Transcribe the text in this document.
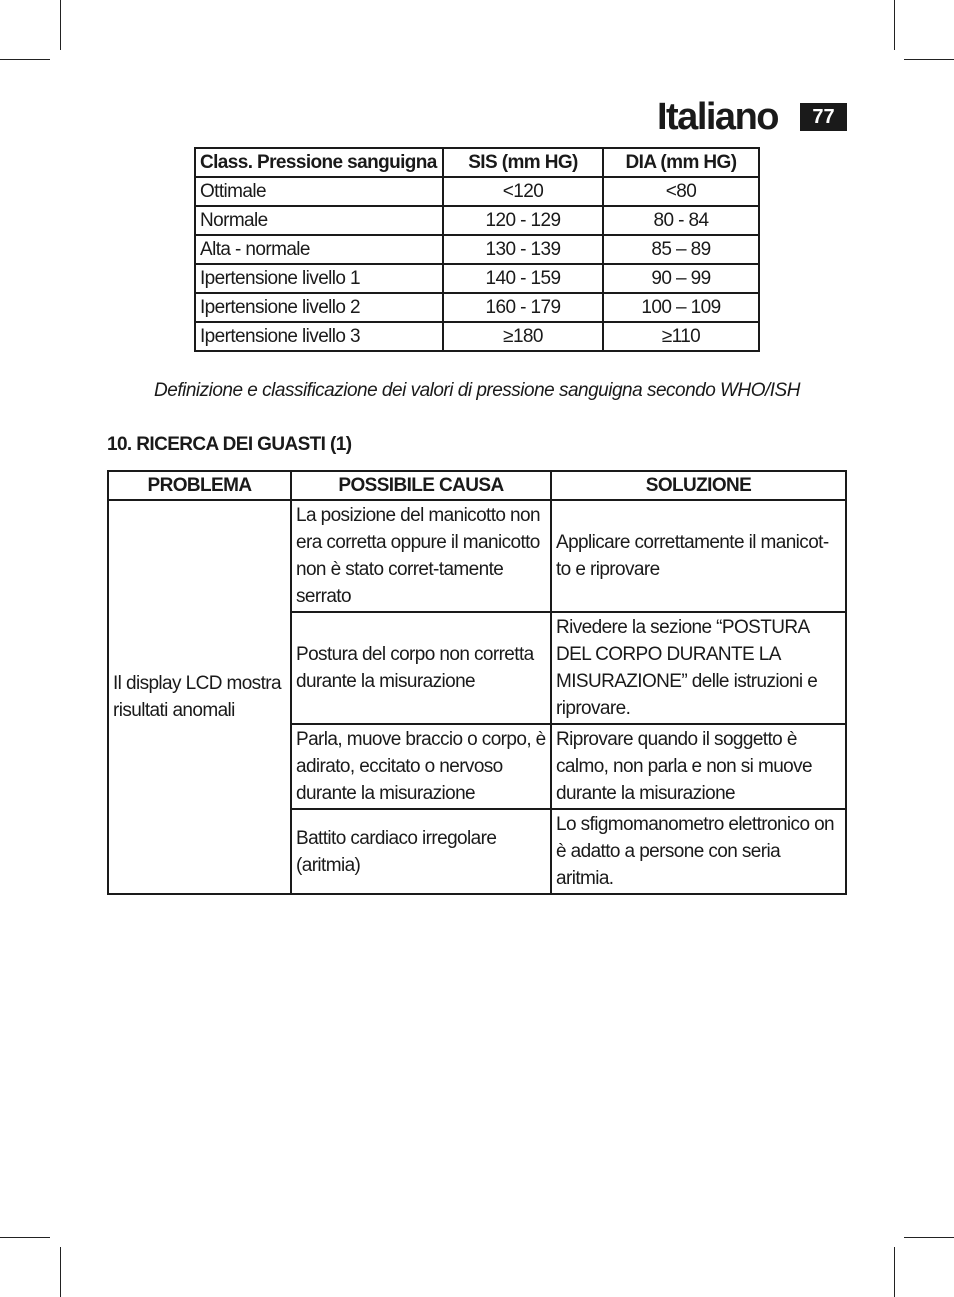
Italiano	77
Class. Pressione sanguigna	SIS (mm HG)	DIA (mm HG)
Ottimale	<120	<80
Normale	120 - 129	80 - 84
Alta - normale	130 - 139	85 – 89
Ipertensione livello 1	140 - 159	90 – 99
Ipertensione livello 2	160 - 179	100 – 109
Ipertensione livello 3	≥180	≥110
Definizione e classificazione dei valori di pressione sanguigna secondo WHO/ISH
10. RICERCA DEI GUASTI (1)
PROBLEMA	POSSIBILE CAUSA	SOLUZIONE
Il display LCD mostra risultati anomali	La posizione del manicotto non era corretta oppure il manicotto non è stato corret-tamente serrato	Applicare correttamente il manicot-to e riprovare
	Postura del corpo non corretta durante la misurazione	Rivedere la sezione “POSTURA DEL CORPO DURANTE LA MISURAZIONE” delle istruzioni e riprovare.
	Parla, muove braccio o corpo, è adirato, eccitato o nervoso durante la misurazione	Riprovare quando il soggetto è calmo, non parla e non si muove durante la misurazione
	Battito cardiaco irregolare (aritmia)	Lo sfigmomanometro elettronico on è adatto a persone con seria aritmia.
